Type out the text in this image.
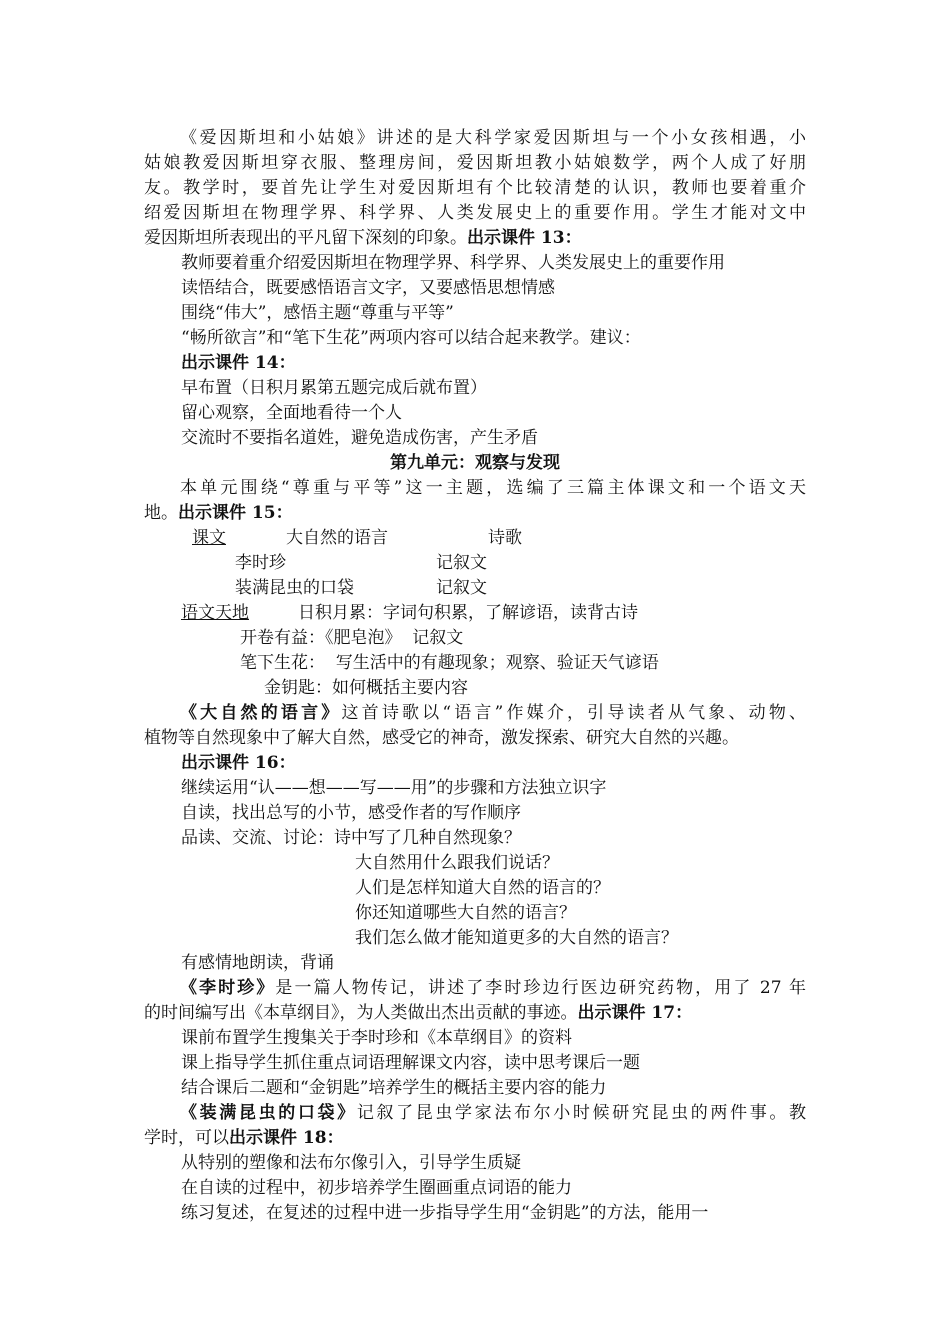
《爱因斯坦和小姑娘》讲述的是大科学家爱因斯坦与一个小女孩相遇，小
姑娘教爱因斯坦穿衣服、整理房间，爱因斯坦教小姑娘数学，两个人成了好朋
友。教学时，要首先让学生对爱因斯坦有个比较清楚的认识，教师也要着重介
绍爱因斯坦在物理学界、科学界、人类发展史上的重要作用。学生才能对文中
爱因斯坦所表现出的平凡留下深刻的印象。出示课件 13：
教师要着重介绍爱因斯坦在物理学界、科学界、人类发展史上的重要作用
读悟结合，既要感悟语言文字，又要感悟思想情感
围绕“伟大”，感悟主题“尊重与平等”
“畅所欲言”和“笔下生花”两项内容可以结合起来教学。建议：
出示课件 14：
早布置（日积月累第五题完成后就布置）
留心观察，全面地看待一个人
交流时不要指名道姓，避免造成伤害，产生矛盾
第九单元：观察与发现
本单元围绕“尊重与平等”这一主题，选编了三篇主体课文和一个语文天
地。出示课件 15：
课文	大自然的语言	诗歌
李时珍	记叙文
装满昆虫的口袋	记叙文
语文天地	日积月累：字词句积累，了解谚语，读背古诗
开卷有益：《肥皂泡》  记叙文
笔下生花：  写生活中的有趣现象；观察、验证天气谚语
金钥匙：如何概括主要内容
《大自然的语言》这首诗歌以“语言”作媒介，引导读者从气象、动物、
植物等自然现象中了解大自然，感受它的神奇，激发探索、研究大自然的兴趣。
出示课件 16：
继续运用“认——想——写——用”的步骤和方法独立识字
自读，找出总写的小节，感受作者的写作顺序
品读、交流、讨论：诗中写了几种自然现象？
大自然用什么跟我们说话？
人们是怎样知道大自然的语言的？
你还知道哪些大自然的语言？
我们怎么做才能知道更多的大自然的语言？
有感情地朗读，背诵
《李时珍》是一篇人物传记，讲述了李时珍边行医边研究药物，用了 27 年
的时间编写出《本草纲目》，为人类做出杰出贡献的事迹。出示课件 17：
课前布置学生搜集关于李时珍和《本草纲目》的资料
课上指导学生抓住重点词语理解课文内容，读中思考课后一题
结合课后二题和“金钥匙”培养学生的概括主要内容的能力
《装满昆虫的口袋》记叙了昆虫学家法布尔小时候研究昆虫的两件事。教
学时，可以出示课件 18：
从特别的塑像和法布尔像引入，引导学生质疑
在自读的过程中，初步培养学生圈画重点词语的能力
练习复述，在复述的过程中进一步指导学生用“金钥匙”的方法，能用一
